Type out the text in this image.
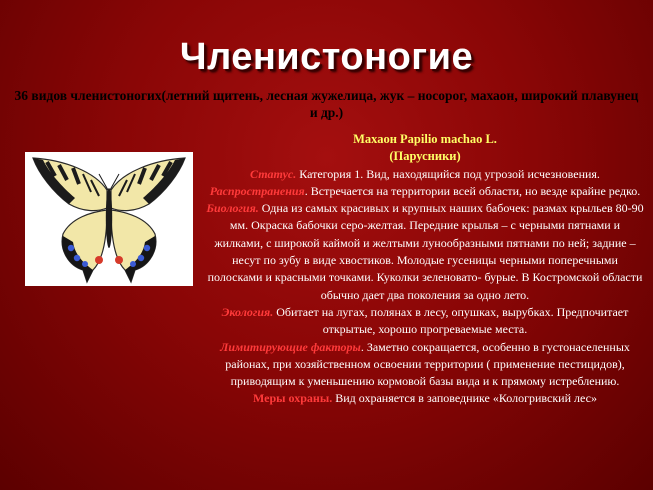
Членистоногие
36 видов членистоногих(летний щитень, лесная жужелица, жук – носорог, махаон, широкий плавунец и др.)

Махаон Papilio machao L.

(Парусники)

Статус. Категория 1. Вид, находящийся под угрозой исчезновения.

Распространения. Встречается на территории всей области, но везде крайне редко.

Биология. Одна из самых красивых и крупных наших бабочек: размах крыльев 80-90 мм. Окраска бабочки серо-желтая. Передние крылья – с черными пятнами и жилками, с широкой каймой и желтыми лунообразными пятнами по ней; задние – несут по зубу в виде хвостиков. Молодые гусеницы черными поперечными полосками и красными точками. Куколки зеленовато- бурые. В Костромской области обычно дает два поколения за одно лето.

Экология. Обитает на лугах, полянах в лесу, опушках, вырубках. Предпочитает открытые, хорошо прогреваемые места.

Лимитирующие факторы. Заметно сокращается, особенно в густонаселенных районах, при хозяйственном освоении территории ( применение пестицидов), приводящим к уменьшению кормовой базы вида и к прямому истреблению.

Меры охраны. Вид охраняется в заповеднике «Кологривский лес»
